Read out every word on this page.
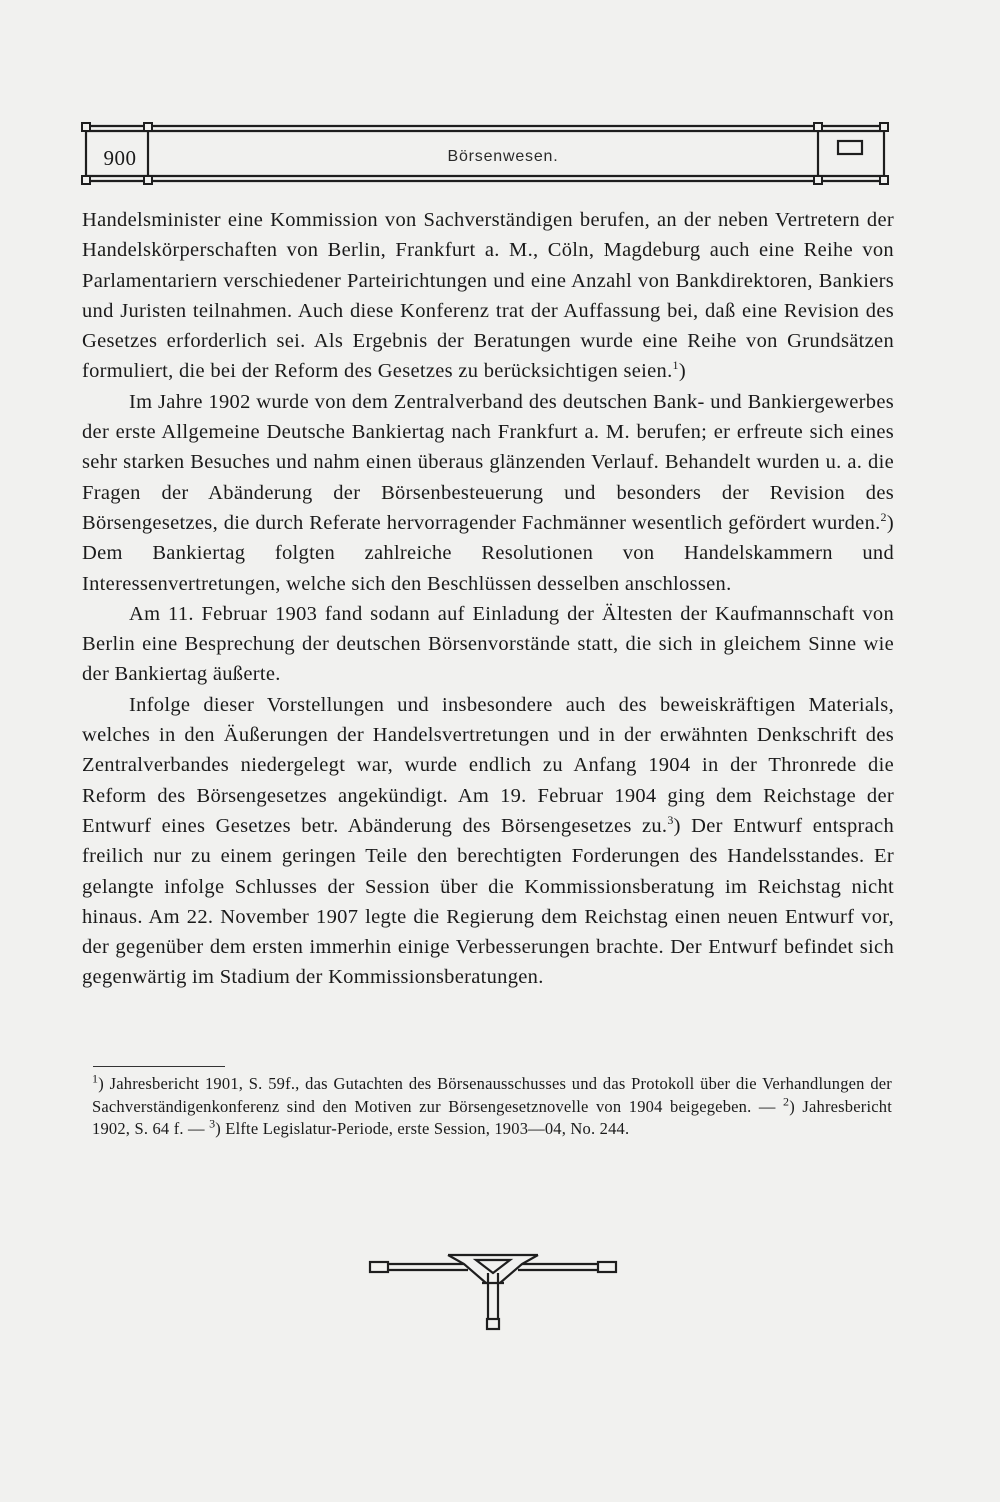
900	Börsenwesen.

Handelsminister eine Kommission von Sachverständigen berufen, an der neben Vertretern der Handelskörperschaften von Berlin, Frankfurt a. M., Cöln, Magdeburg auch eine Reihe von Parlamentariern verschiedener Parteirichtungen und eine Anzahl von Bankdirektoren, Bankiers und Juristen teilnahmen. Auch diese Konferenz trat der Auffassung bei, daß eine Revision des Gesetzes erforderlich sei. Als Ergebnis der Beratungen wurde eine Reihe von Grundsätzen formuliert, die bei der Reform des Gesetzes zu berücksichtigen seien.$^1$)

Im Jahre 1902 wurde von dem Zentralverband des deutschen Bank- und Bankiergewerbes der erste Allgemeine Deutsche Bankiertag nach Frankfurt a. M. berufen; er erfreute sich eines sehr starken Besuches und nahm einen überaus glänzenden Verlauf. Behandelt wurden u. a. die Fragen der Abänderung der Börsenbesteuerung und besonders der Revision des Börsengesetzes, die durch Referate hervorragender Fachmänner wesentlich gefördert wurden.$^2$) Dem Bankiertag folgten zahlreiche Resolutionen von Handelskammern und Interessenvertretungen, welche sich den Beschlüssen desselben anschlossen.

Am 11. Februar 1903 fand sodann auf Einladung der Ältesten der Kaufmannschaft von Berlin eine Besprechung der deutschen Börsenvorstände statt, die sich in gleichem Sinne wie der Bankiertag äußerte.

Infolge dieser Vorstellungen und insbesondere auch des beweiskräftigen Materials, welches in den Äußerungen der Handelsvertretungen und in der erwähnten Denkschrift des Zentralverbandes niedergelegt war, wurde endlich zu Anfang 1904 in der Thronrede die Reform des Börsengesetzes angekündigt. Am 19. Februar 1904 ging dem Reichstage der Entwurf eines Gesetzes betr. Abänderung des Börsengesetzes zu.$^3$) Der Entwurf entsprach freilich nur zu einem geringen Teile den berechtigten Forderungen des Handelsstandes. Er gelangte infolge Schlusses der Session über die Kommissionsberatung im Reichstag nicht hinaus. Am 22. November 1907 legte die Regierung dem Reichstag einen neuen Entwurf vor, der gegenüber dem ersten immerhin einige Verbesserungen brachte. Der Entwurf befindet sich gegenwärtig im Stadium der Kommissionsberatungen.

$^1$) Jahresbericht 1901, S. 59f., das Gutachten des Börsenausschusses und das Protokoll über die Verhandlungen der Sachverständigenkonferenz sind den Motiven zur Börsengesetznovelle von 1904 beigegeben. — $^2$) Jahresbericht 1902, S. 64 f. — $^3$) Elfte Legislatur-Periode, erste Session, 1903—04, No. 244.
